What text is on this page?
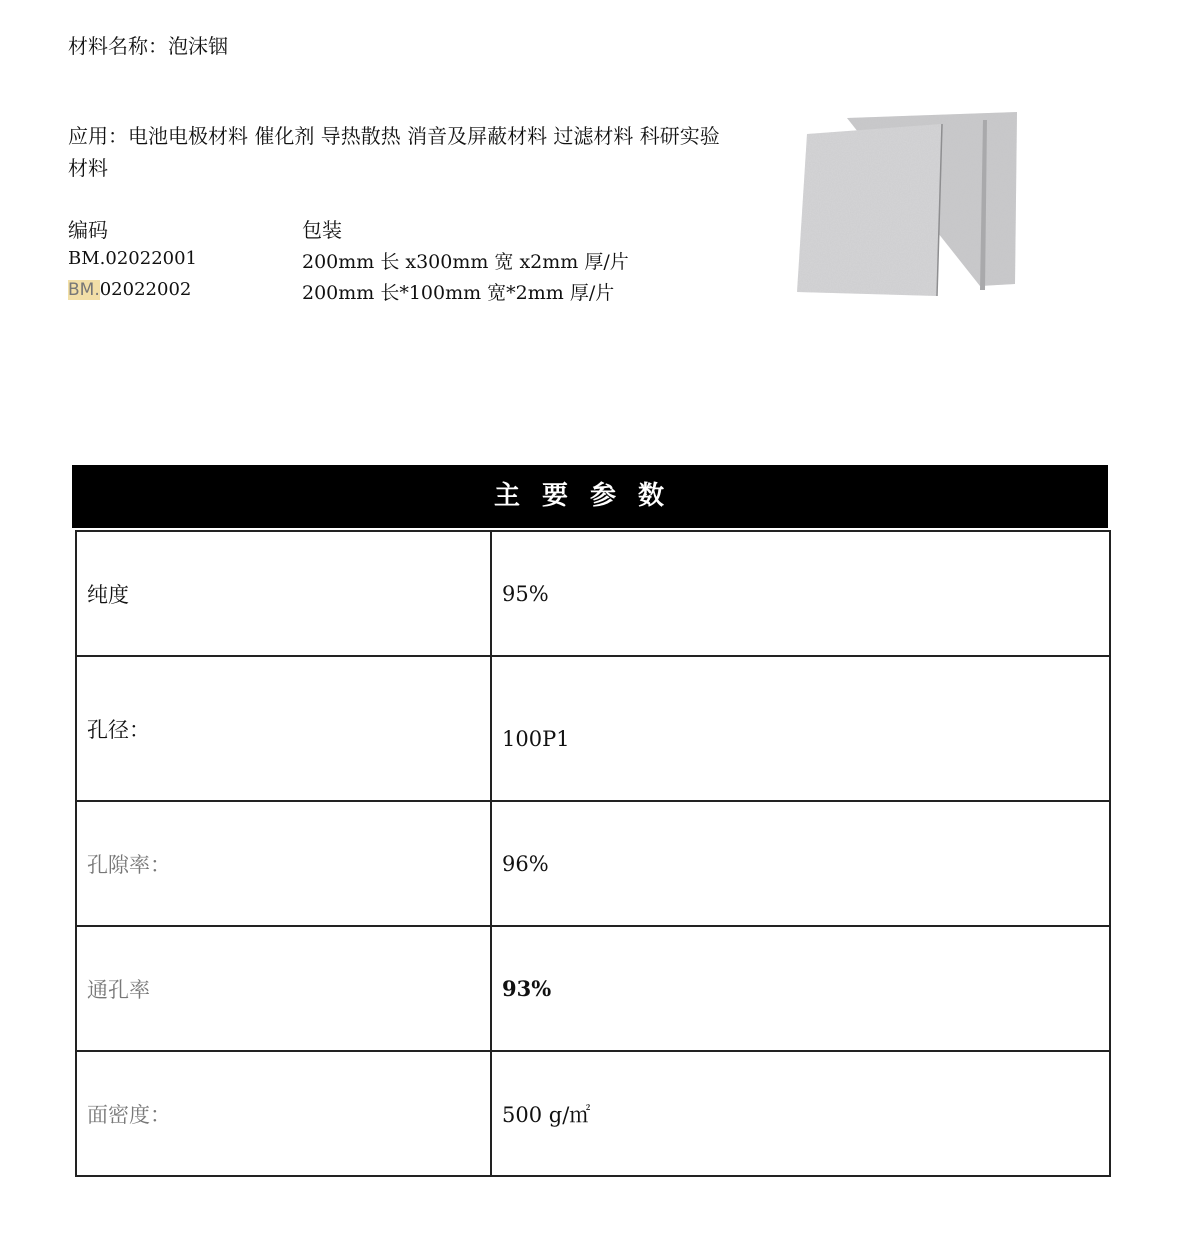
材料名称：泡沫铟
应用：电池电极材料 催化剂 导热散热 消音及屏蔽材料 过滤材料 科研实验材料
编码	包装
BM.02022001	200mm 长 x300mm 宽 x2mm 厚/片
BM.02022002	200mm 长*100mm 宽*2mm 厚/片
主要参数
纯度	95%
孔径：	100P1
孔隙率：	96%
通孔率	93%
面密度：	500 g/㎡
